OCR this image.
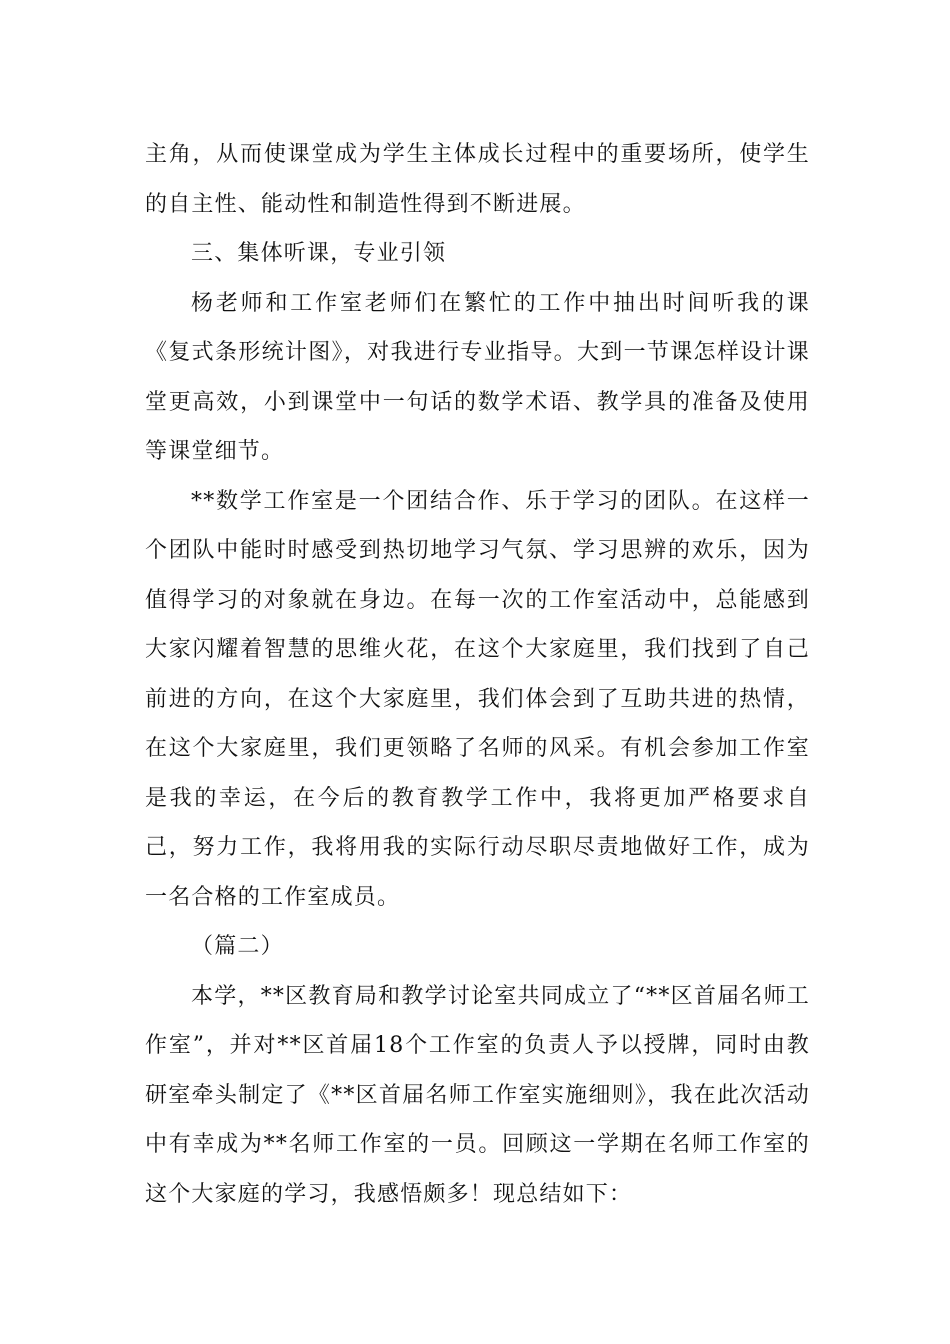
主角，从而使课堂成为学生主体成长过程中的重要场所，使学生的自主性、能动性和制造性得到不断进展。

三、集体听课，专业引领

杨老师和工作室老师们在繁忙的工作中抽出时间听我的课《复式条形统计图》，对我进行专业指导。大到一节课怎样设计课堂更高效，小到课堂中一句话的数学术语、教学具的准备及使用等课堂细节。

**数学工作室是一个团结合作、乐于学习的团队。在这样一个团队中能时时感受到热切地学习气氛、学习思辨的欢乐，因为值得学习的对象就在身边。在每一次的工作室活动中，总能感到大家闪耀着智慧的思维火花，在这个大家庭里，我们找到了自己前进的方向，在这个大家庭里，我们体会到了互助共进的热情，在这个大家庭里，我们更领略了名师的风采。有机会参加工作室是我的幸运，在今后的教育教学工作中，我将更加严格要求自己，努力工作，我将用我的实际行动尽职尽责地做好工作，成为一名合格的工作室成员。

（篇二）

本学，**区教育局和教学讨论室共同成立了“**区首届名师工作室”，并对**区首届18个工作室的负责人予以授牌，同时由教研室牵头制定了《**区首届名师工作室实施细则》，我在此次活动中有幸成为**名师工作室的一员。回顾这一学期在名师工作室的这个大家庭的学习，我感悟颇多！现总结如下：
